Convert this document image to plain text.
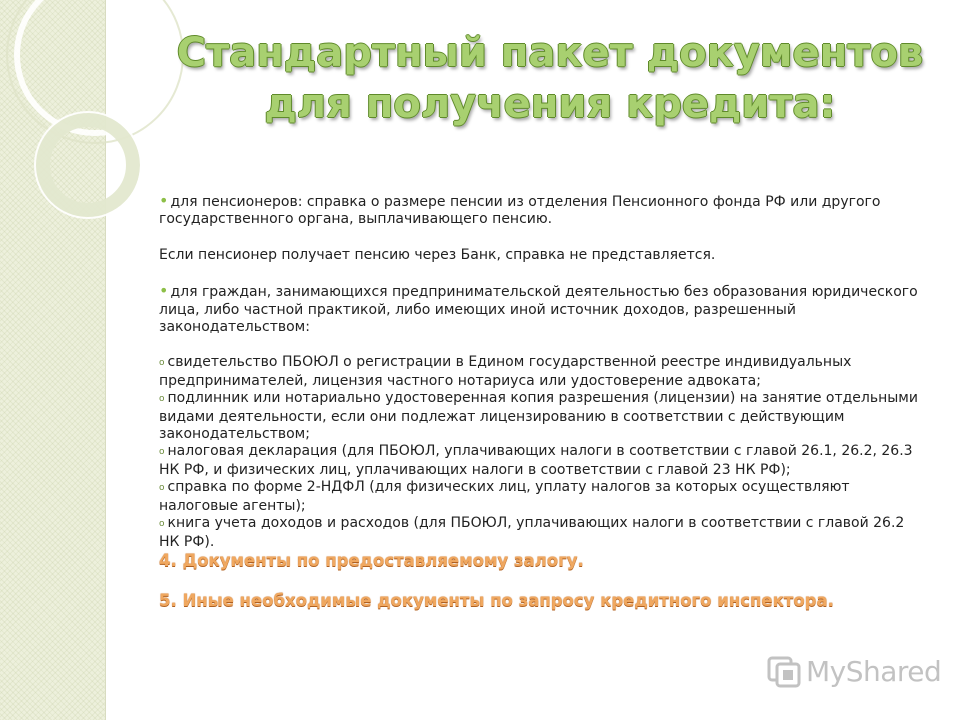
Стандартный пакет документов для получения кредита:

• для пенсионеров: справка о размере пенсии из отделения Пенсионного фонда РФ или другого государственного органа, выплачивающего пенсию.

Если пенсионер получает пенсию через Банк, справка не представляется.

• для граждан, занимающихся предпринимательской деятельностью без образования юридического лица, либо частной практикой, либо имеющих иной источник доходов, разрешенный законодательством:

o свидетельство ПБОЮЛ о регистрации в Едином государственной реестре индивидуальных предпринимателей, лицензия частного нотариуса или удостоверение адвоката;

o подлинник или нотариально удостоверенная копия разрешения (лицензии) на занятие отдельными видами деятельности, если они подлежат лицензированию в соответствии с действующим законодательством;

o налоговая декларация (для ПБОЮЛ, уплачивающих налоги в соответствии с главой 26.1, 26.2, 26.3 НК РФ, и физических лиц, уплачивающих налоги в соответствии с главой 23 НК РФ);

o справка по форме 2-НДФЛ (для физических лиц, уплату налогов за которых осуществляют налоговые агенты);

o книга учета доходов и расходов (для ПБОЮЛ, уплачивающих налоги в соответствии с главой 26.2 НК РФ).

4. Документы по предоставляемому залогу.

5. Иные необходимые документы по запросу кредитного инспектора.

MyShared
